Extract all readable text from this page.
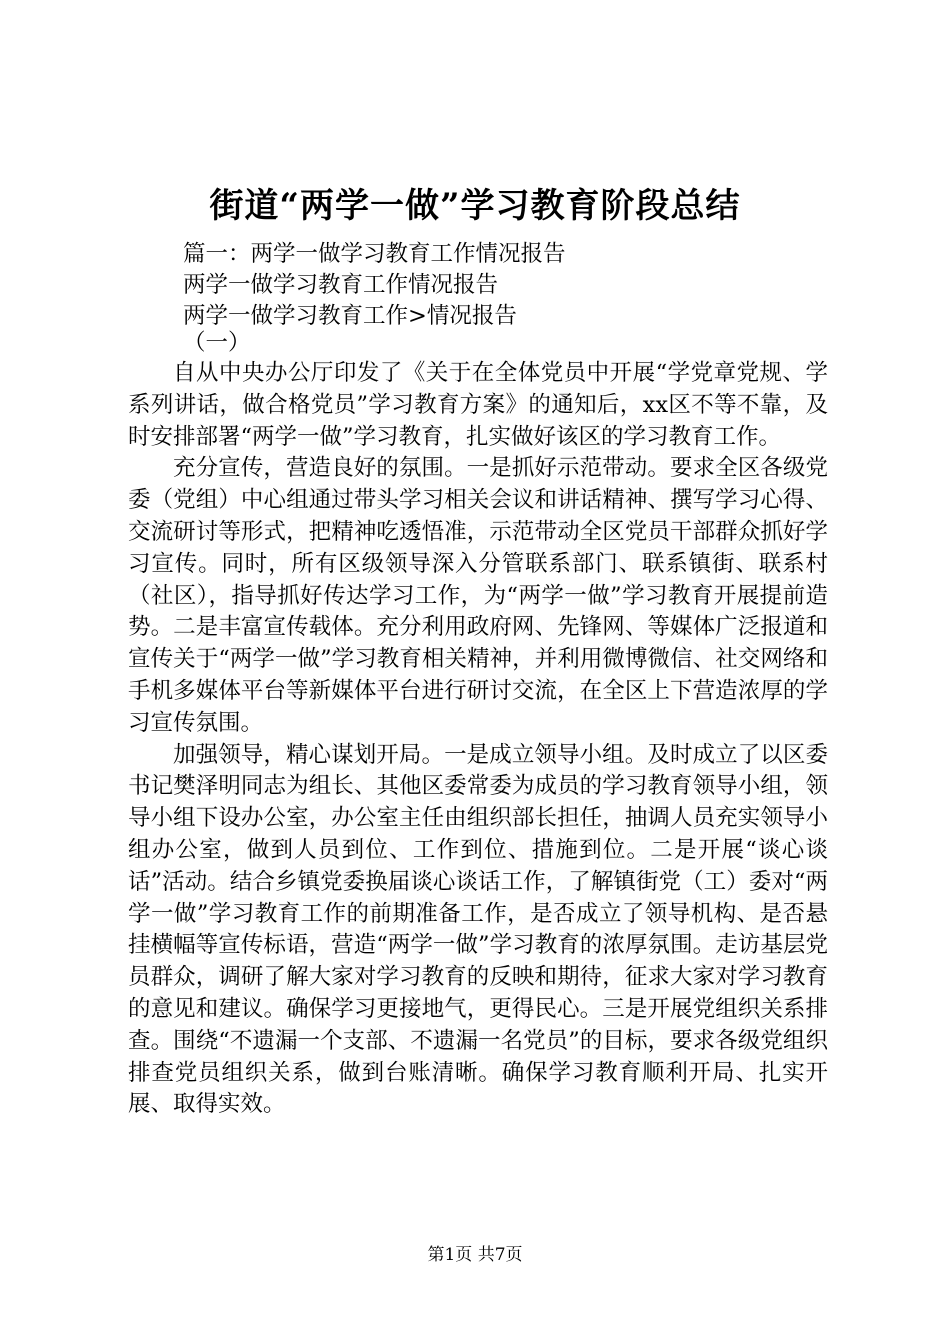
街道“两学一做”学习教育阶段总结
篇一：两学一做学习教育工作情况报告
两学一做学习教育工作情况报告
两学一做学习教育工作>情况报告
（一）

自从中央办公厅印发了《关于在全体党员中开展“学党章党规、学系列讲话，做合格党员”学习教育方案》的通知后，xx区不等不靠，及时安排部署“两学一做”学习教育，扎实做好该区的学习教育工作。

充分宣传，营造良好的氛围。一是抓好示范带动。要求全区各级党委（党组）中心组通过带头学习相关会议和讲话精神、撰写学习心得、交流研讨等形式，把精神吃透悟准，示范带动全区党员干部群众抓好学习宣传。同时，所有区级领导深入分管联系部门、联系镇街、联系村（社区），指导抓好传达学习工作，为“两学一做”学习教育开展提前造势。二是丰富宣传载体。充分利用政府网、先锋网、等媒体广泛报道和宣传关于“两学一做”学习教育相关精神，并利用微博微信、社交网络和手机多媒体平台等新媒体平台进行研讨交流，在全区上下营造浓厚的学习宣传氛围。

加强领导，精心谋划开局。一是成立领导小组。及时成立了以区委书记樊泽明同志为组长、其他区委常委为成员的学习教育领导小组，领导小组下设办公室，办公室主任由组织部长担任，抽调人员充实领导小组办公室，做到人员到位、工作到位、措施到位。二是开展“谈心谈话”活动。结合乡镇党委换届谈心谈话工作，了解镇街党（工）委对“两学一做”学习教育工作的前期准备工作，是否成立了领导机构、是否悬挂横幅等宣传标语，营造“两学一做”学习教育的浓厚氛围。走访基层党员群众，调研了解大家对学习教育的反映和期待，征求大家对学习教育的意见和建议。确保学习更接地气，更得民心。三是开展党组织关系排查。围绕“不遗漏一个支部、不遗漏一名党员”的目标，要求各级党组织排查党员组织关系，做到台账清晰。确保学习教育顺利开局、扎实开展、取得实效。

第1页 共7页
